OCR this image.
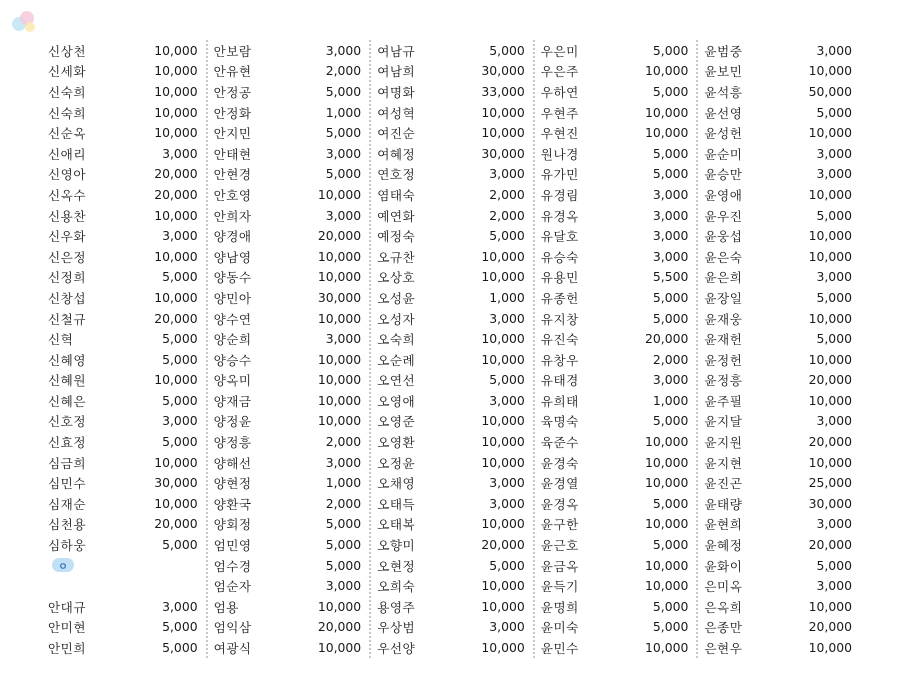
신상천	10,000
신세화	10,000
신숙희	10,000
신숙희	10,000
신순옥	10,000
신애리	3,000
신영아	20,000
신옥수	20,000
신용찬	10,000
신우화	3,000
신은정	10,000
신정희	5,000
신창섭	10,000
신철규	20,000
신혁	5,000
신혜영	5,000
신혜원	10,000
신혜은	5,000
신호정	3,000
신효정	5,000
심금희	10,000
심민수	30,000
심재순	10,000
심천용	20,000
심하웅	5,000
ㅇ
안대규	3,000
안미현	5,000
안민희	5,000
안보람	3,000
안유현	2,000
안정공	5,000
안정화	1,000
안지민	5,000
안태현	3,000
안현경	5,000
안호영	10,000
안희자	3,000
양경애	20,000
양남영	10,000
양동수	10,000
양민아	30,000
양수연	10,000
양순희	3,000
양승수	10,000
양옥미	10,000
양재금	10,000
양정윤	10,000
양정흥	2,000
양해선	3,000
양현정	1,000
양환국	2,000
양회정	5,000
엄민영	5,000
엄수경	5,000
엄순자	3,000
엄용	10,000
엄익삼	20,000
여광식	10,000
여남규	5,000
여남희	30,000
여명화	33,000
여성혁	10,000
여진순	10,000
여혜정	30,000
연호정	3,000
염태숙	2,000
예연화	2,000
예정숙	5,000
오규찬	10,000
오상호	10,000
오성윤	1,000
오성자	3,000
오숙희	10,000
오순례	10,000
오연선	5,000
오영애	3,000
오영준	10,000
오영환	10,000
오정윤	10,000
오채영	3,000
오태득	3,000
오태복	10,000
오향미	20,000
오현정	5,000
오희숙	10,000
용영주	10,000
우상범	3,000
우선양	10,000
우은미	5,000
우은주	10,000
우하연	5,000
우현주	10,000
우현진	10,000
원나경	5,000
유가민	5,000
유경림	3,000
유경옥	3,000
유달호	3,000
유승숙	3,000
유용민	5,500
유종헌	5,000
유지창	5,000
유진숙	20,000
유창우	2,000
유태경	3,000
유희태	1,000
육명숙	5,000
육준수	10,000
윤경숙	10,000
윤경열	10,000
윤경옥	5,000
윤구한	10,000
윤근호	5,000
윤금옥	10,000
윤득기	10,000
윤명희	5,000
윤미숙	5,000
윤민수	10,000
윤범중	3,000
윤보민	10,000
윤석흥	50,000
윤선영	5,000
윤성헌	10,000
윤순미	3,000
윤승만	3,000
윤영애	10,000
윤우진	5,000
윤웅섭	10,000
윤은숙	10,000
윤은희	3,000
윤장일	5,000
윤재웅	10,000
윤재헌	5,000
윤정헌	10,000
윤정흥	20,000
윤주필	10,000
윤지달	3,000
윤지원	20,000
윤지현	10,000
윤진곤	25,000
윤태량	30,000
윤현희	3,000
윤혜정	20,000
윤화이	5,000
은미옥	3,000
은옥희	10,000
은종만	20,000
은현우	10,000
